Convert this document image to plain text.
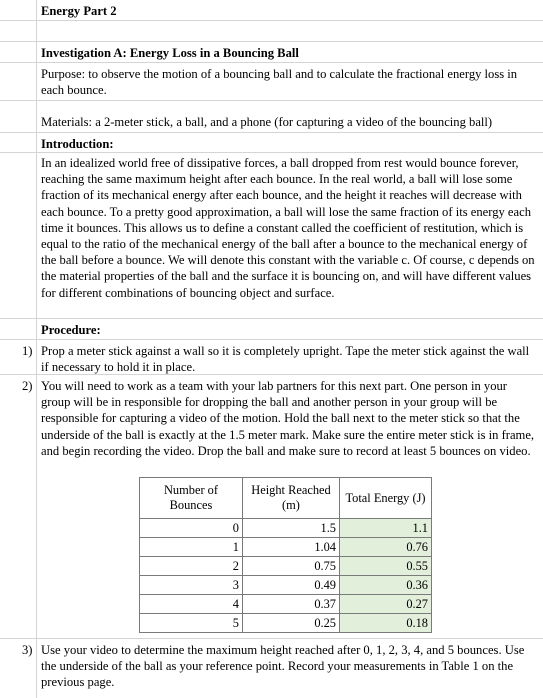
Energy Part 2
Investigation A: Energy Loss in a Bouncing Ball
Purpose: to observe the motion of a bouncing ball and to calculate the fractional energy loss in each bounce.
Materials: a 2-meter stick, a ball, and a phone (for capturing a video of the bouncing ball)
Introduction:
In an idealized world free of dissipative forces, a ball dropped from rest would bounce forever, reaching the same maximum height after each bounce. In the real world, a ball will lose some fraction of its mechanical energy after each bounce, and the height it reaches will decrease with each bounce. To a pretty good approximation, a ball will lose the same fraction of its energy each time it bounces. This allows us to define a constant called the coefficient of restitution, which is equal to the ratio of the mechanical energy of the ball after a bounce to the mechanical energy of the ball before a bounce. We will denote this constant with the variable c. Of course, c depends on the material properties of the ball and the surface it is bouncing on, and will have different values for different combinations of bouncing object and surface.
Procedure:
1) Prop a meter stick against a wall so it is completely upright. Tape the meter stick against the wall if necessary to hold it in place.
2) You will need to work as a team with your lab partners for this next part. One person in your group will be in responsible for dropping the ball and another person in your group will be responsible for capturing a video of the motion. Hold the ball next to the meter stick so that the underside of the ball is exactly at the 1.5 meter mark. Make sure the entire meter stick is in frame, and begin recording the video. Drop the ball and make sure to record at least 5 bounces on video.
Number of Bounces	Height Reached (m)	Total Energy (J)
0	1.5	1.1
1	1.04	0.76
2	0.75	0.55
3	0.49	0.36
4	0.37	0.27
5	0.25	0.18
3) Use your video to determine the maximum height reached after 0, 1, 2, 3, 4, and 5 bounces. Use the underside of the ball as your reference point. Record your measurements in Table 1 on the previous page.
